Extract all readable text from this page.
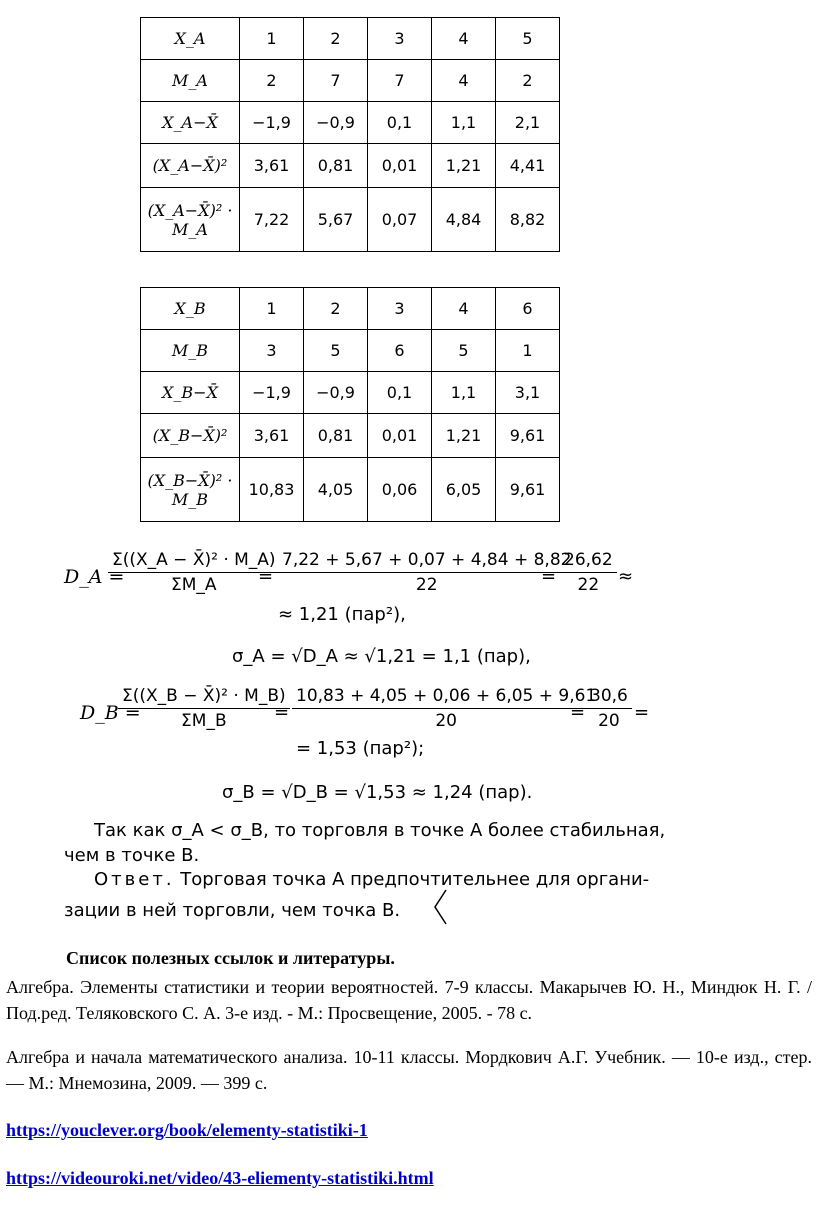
X_A	1	2	3	4	5
M_A	2	7	7	4	2
X_A−X̄	−1,9	−0,9	0,1	1,1	2,1
(X_A−X̄)²	3,61	0,81	0,01	1,21	4,41
(X_A−X̄)² · M_A	7,22	5,67	0,07	4,84	8,82
X_B	1	2	3	4	6
M_B	3	5	6	5	1
X_B−X̄	−1,9	−0,9	0,1	1,1	3,1
(X_B−X̄)²	3,61	0,81	0,01	1,21	9,61
(X_B−X̄)² · M_B	10,83	4,05	0,06	6,05	9,61
D_A =
$\frac{\text{Σ((X\_A − X̄)² · M\_A)}}{\Sigma M\_A}$
= $\frac{7,22 + 5,67 + 0,07 + 4,84 + 8,82}{22}$
= $\frac{26,62}{22}$ ≈
≈ 1,21 (пар²),
σ_A = √D_A ≈ √1,21 = 1,1 (пар),
D_B =
$\frac{\text{Σ((X\_B − X̄)² · M\_B)}}{\Sigma M\_B}$
= $\frac{10,83 + 4,05 + 0,06 + 6,05 + 9,61}{20}$
= $\frac{30,6}{20}$ =
= 1,53 (пар²);
σ_B = √D_B = √1,53 ≈ 1,24 (пар).
Так как σ_A < σ_B, то торговля в точке A более стабильная,
чем в точке B.
Ответ. Торговая точка A предпочтительнее для органи-
зации в ней торговли, чем точка B.
Список полезных ссылок и литературы.

Алгебра. Элементы статистики и теории вероятностей. 7-9 классы. Макарычев Ю. Н., Миндюк Н. Г. / Под.ред. Теляковского С. А. 3-е изд. - М.: Просвещение, 2005. - 78 с.

Алгебра и начала математического анализа. 10-11 классы. Мордкович А.Г. Учебник. — 10-е изд., стер. — М.: Мнемозина, 2009. — 399 с.

https://youclever.org/book/elementy-statistiki-1
https://videouroki.net/video/43-eliementy-statistiki.html
